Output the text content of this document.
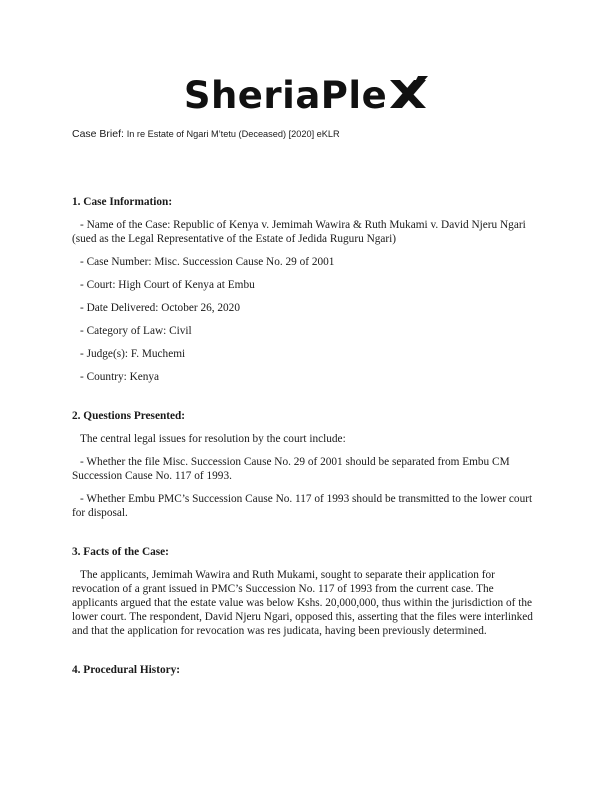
SheriaPle
Case Brief: In re Estate of Ngari M’tetu (Deceased) [2020] eKLR
1. Case Information:
- Name of the Case: Republic of Kenya v. Jemimah Wawira & Ruth Mukami v. David Njeru Ngari (sued as the Legal Representative of the Estate of Jedida Ruguru Ngari)
- Case Number: Misc. Succession Cause No. 29 of 2001
- Court: High Court of Kenya at Embu
- Date Delivered: October 26, 2020
- Category of Law: Civil
- Judge(s): F. Muchemi
- Country: Kenya
2. Questions Presented:
The central legal issues for resolution by the court include:
- Whether the file Misc. Succession Cause No. 29 of 2001 should be separated from Embu CM Succession Cause No. 117 of 1993.
- Whether Embu PMC’s Succession Cause No. 117 of 1993 should be transmitted to the lower court for disposal.
3. Facts of the Case:
The applicants, Jemimah Wawira and Ruth Mukami, sought to separate their application for revocation of a grant issued in PMC’s Succession No. 117 of 1993 from the current case. The applicants argued that the estate value was below Kshs. 20,000,000, thus within the jurisdiction of the lower court. The respondent, David Njeru Ngari, opposed this, asserting that the files were interlinked and that the application for revocation was res judicata, having been previously determined.
4. Procedural History:
